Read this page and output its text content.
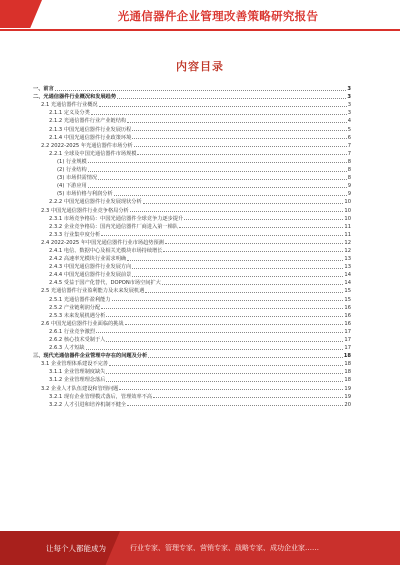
光通信器件企业管理改善策略研究报告
内容目录
一、前言	3
二、光通信器件行业概况和发展趋势	3
2.1 光通信器件行业概况	3
2.1.1 定义及分类	3
2.1.2 光通信器件行业产业链结构	4
2.1.3 中国光通信器件行业发展历程	5
2.1.4 中国光通信器件行业政策环境	6
2.2 2022-2025 年光通信器件市场分析	7
2.2.1 全球及中国光通信器件市场规模	7
(1) 行业规模	8
(2) 行业结构	8
(3) 市场供需情况	8
(4) 下游应用	9
(5) 市场价格与利润分析	9
2.2.2 中国光通信器件行业发展现状分析	10
2.3 中国光通信器件行业竞争格局分析	10
2.3.1 市场竞争格局：中国光通信器件全球竞争力逐步提升	10
2.3.2 企业竞争格局：国内光通信器件厂商进入第一梯队	11
2.3.3 行业集中度分析	11
2.4 2022-2025 年中国光通信器件行业市场趋势预测	12
2.4.1 电信、数据中心及相关光模块市场持续增长	12
2.4.2 高速率光模块行业需求明确	13
2.4.3 中国光通信器件行业发展方向	13
2.4.4 中国光通信器件行业发展前景	14
2.4.5 受益于国产化替代，DOPON市场空间扩大	14
2.5 光通信器件行业盈利能力及未来发展机遇	15
2.5.1 光通信器件盈利能力	15
2.5.2 产业链利润分配	16
2.5.3 未来发展机遇分析	16
2.6 中国光通信器件行业面临的挑战	16
2.6.1 行业竞争激烈	17
2.6.2 核心技术受制于人	17
2.6.3 人才短缺	17
三、现代光通信器件企业管理中存在的问题及分析	18
3.1 企业管理体系建设不完善	18
3.1.1 企业管理制度缺失	18
3.1.2 企业管理理念落后	18
3.2 企业人才队伍建设和管理问题	19
3.2.1 现有企业管理模式落后，管理效率不高	19
3.2.2 人才引进和培养机制不健全	20
让每个人都能成为	行业专家、管理专家、营销专家、战略专家、成功企业家……
